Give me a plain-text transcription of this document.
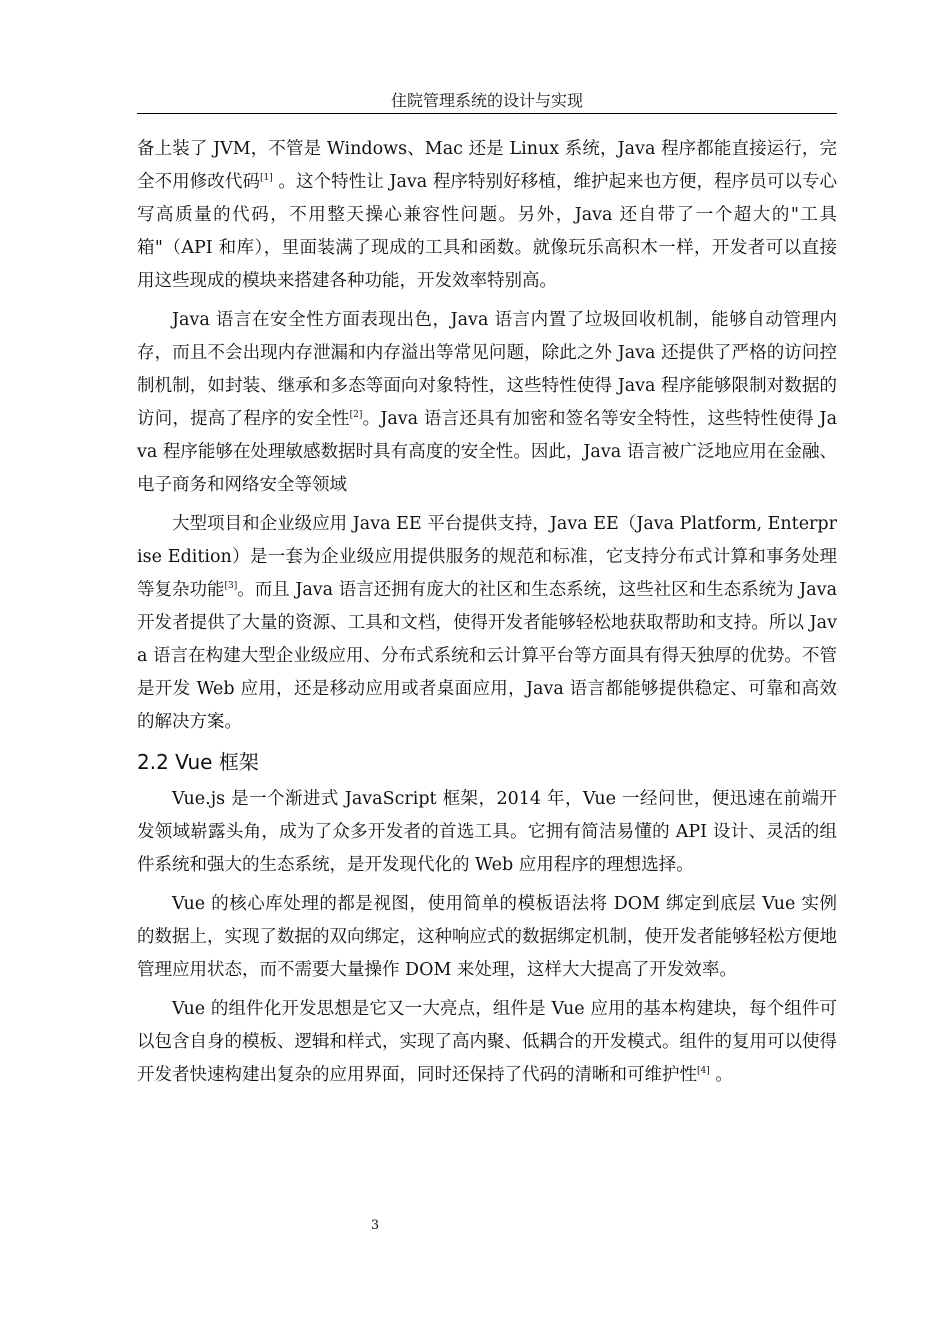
住院管理系统的设计与实现

备上装了 JVM，不管是 Windows、Mac 还是 Linux 系统，Java 程序都能直接运行，完全不用修改代码[1] 。这个特性让 Java 程序特别好移植，维护起来也方便，程序员可以专心写高质量的代码，不用整天操心兼容性问题。另外，Java 还自带了一个超大的"工具箱"（API 和库），里面装满了现成的工具和函数。就像玩乐高积木一样，开发者可以直接用这些现成的模块来搭建各种功能，开发效率特别高。

Java 语言在安全性方面表现出色，Java 语言内置了垃圾回收机制，能够自动管理内存，而且不会出现内存泄漏和内存溢出等常见问题，除此之外 Java 还提供了严格的访问控制机制，如封装、继承和多态等面向对象特性，这些特性使得 Java 程序能够限制对数据的访问，提高了程序的安全性[2]。Java 语言还具有加密和签名等安全特性，这些特性使得 Java 程序能够在处理敏感数据时具有高度的安全性。因此，Java 语言被广泛地应用在金融、电子商务和网络安全等领域

大型项目和企业级应用 Java EE 平台提供支持，Java EE（Java Platform, Enterprise Edition）是一套为企业级应用提供服务的规范和标准，它支持分布式计算和事务处理等复杂功能[3]。而且 Java 语言还拥有庞大的社区和生态系统，这些社区和生态系统为 Java 开发者提供了大量的资源、工具和文档，使得开发者能够轻松地获取帮助和支持。所以 Java 语言在构建大型企业级应用、分布式系统和云计算平台等方面具有得天独厚的优势。不管是开发 Web 应用，还是移动应用或者桌面应用，Java 语言都能够提供稳定、可靠和高效的解决方案。

2.2 Vue 框架

Vue.js 是一个渐进式 JavaScript 框架，2014 年，Vue 一经问世，便迅速在前端开发领域崭露头角，成为了众多开发者的首选工具。它拥有简洁易懂的 API 设计、灵活的组件系统和强大的生态系统，是开发现代化的 Web 应用程序的理想选择。

Vue 的核心库处理的都是视图，使用简单的模板语法将 DOM 绑定到底层 Vue 实例的数据上，实现了数据的双向绑定，这种响应式的数据绑定机制，使开发者能够轻松方便地管理应用状态，而不需要大量操作 DOM 来处理，这样大大提高了开发效率。

Vue 的组件化开发思想是它又一大亮点，组件是 Vue 应用的基本构建块，每个组件可以包含自身的模板、逻辑和样式，实现了高内聚、低耦合的开发模式。组件的复用可以使得开发者快速构建出复杂的应用界面，同时还保持了代码的清晰和可维护性[4] 。

3
